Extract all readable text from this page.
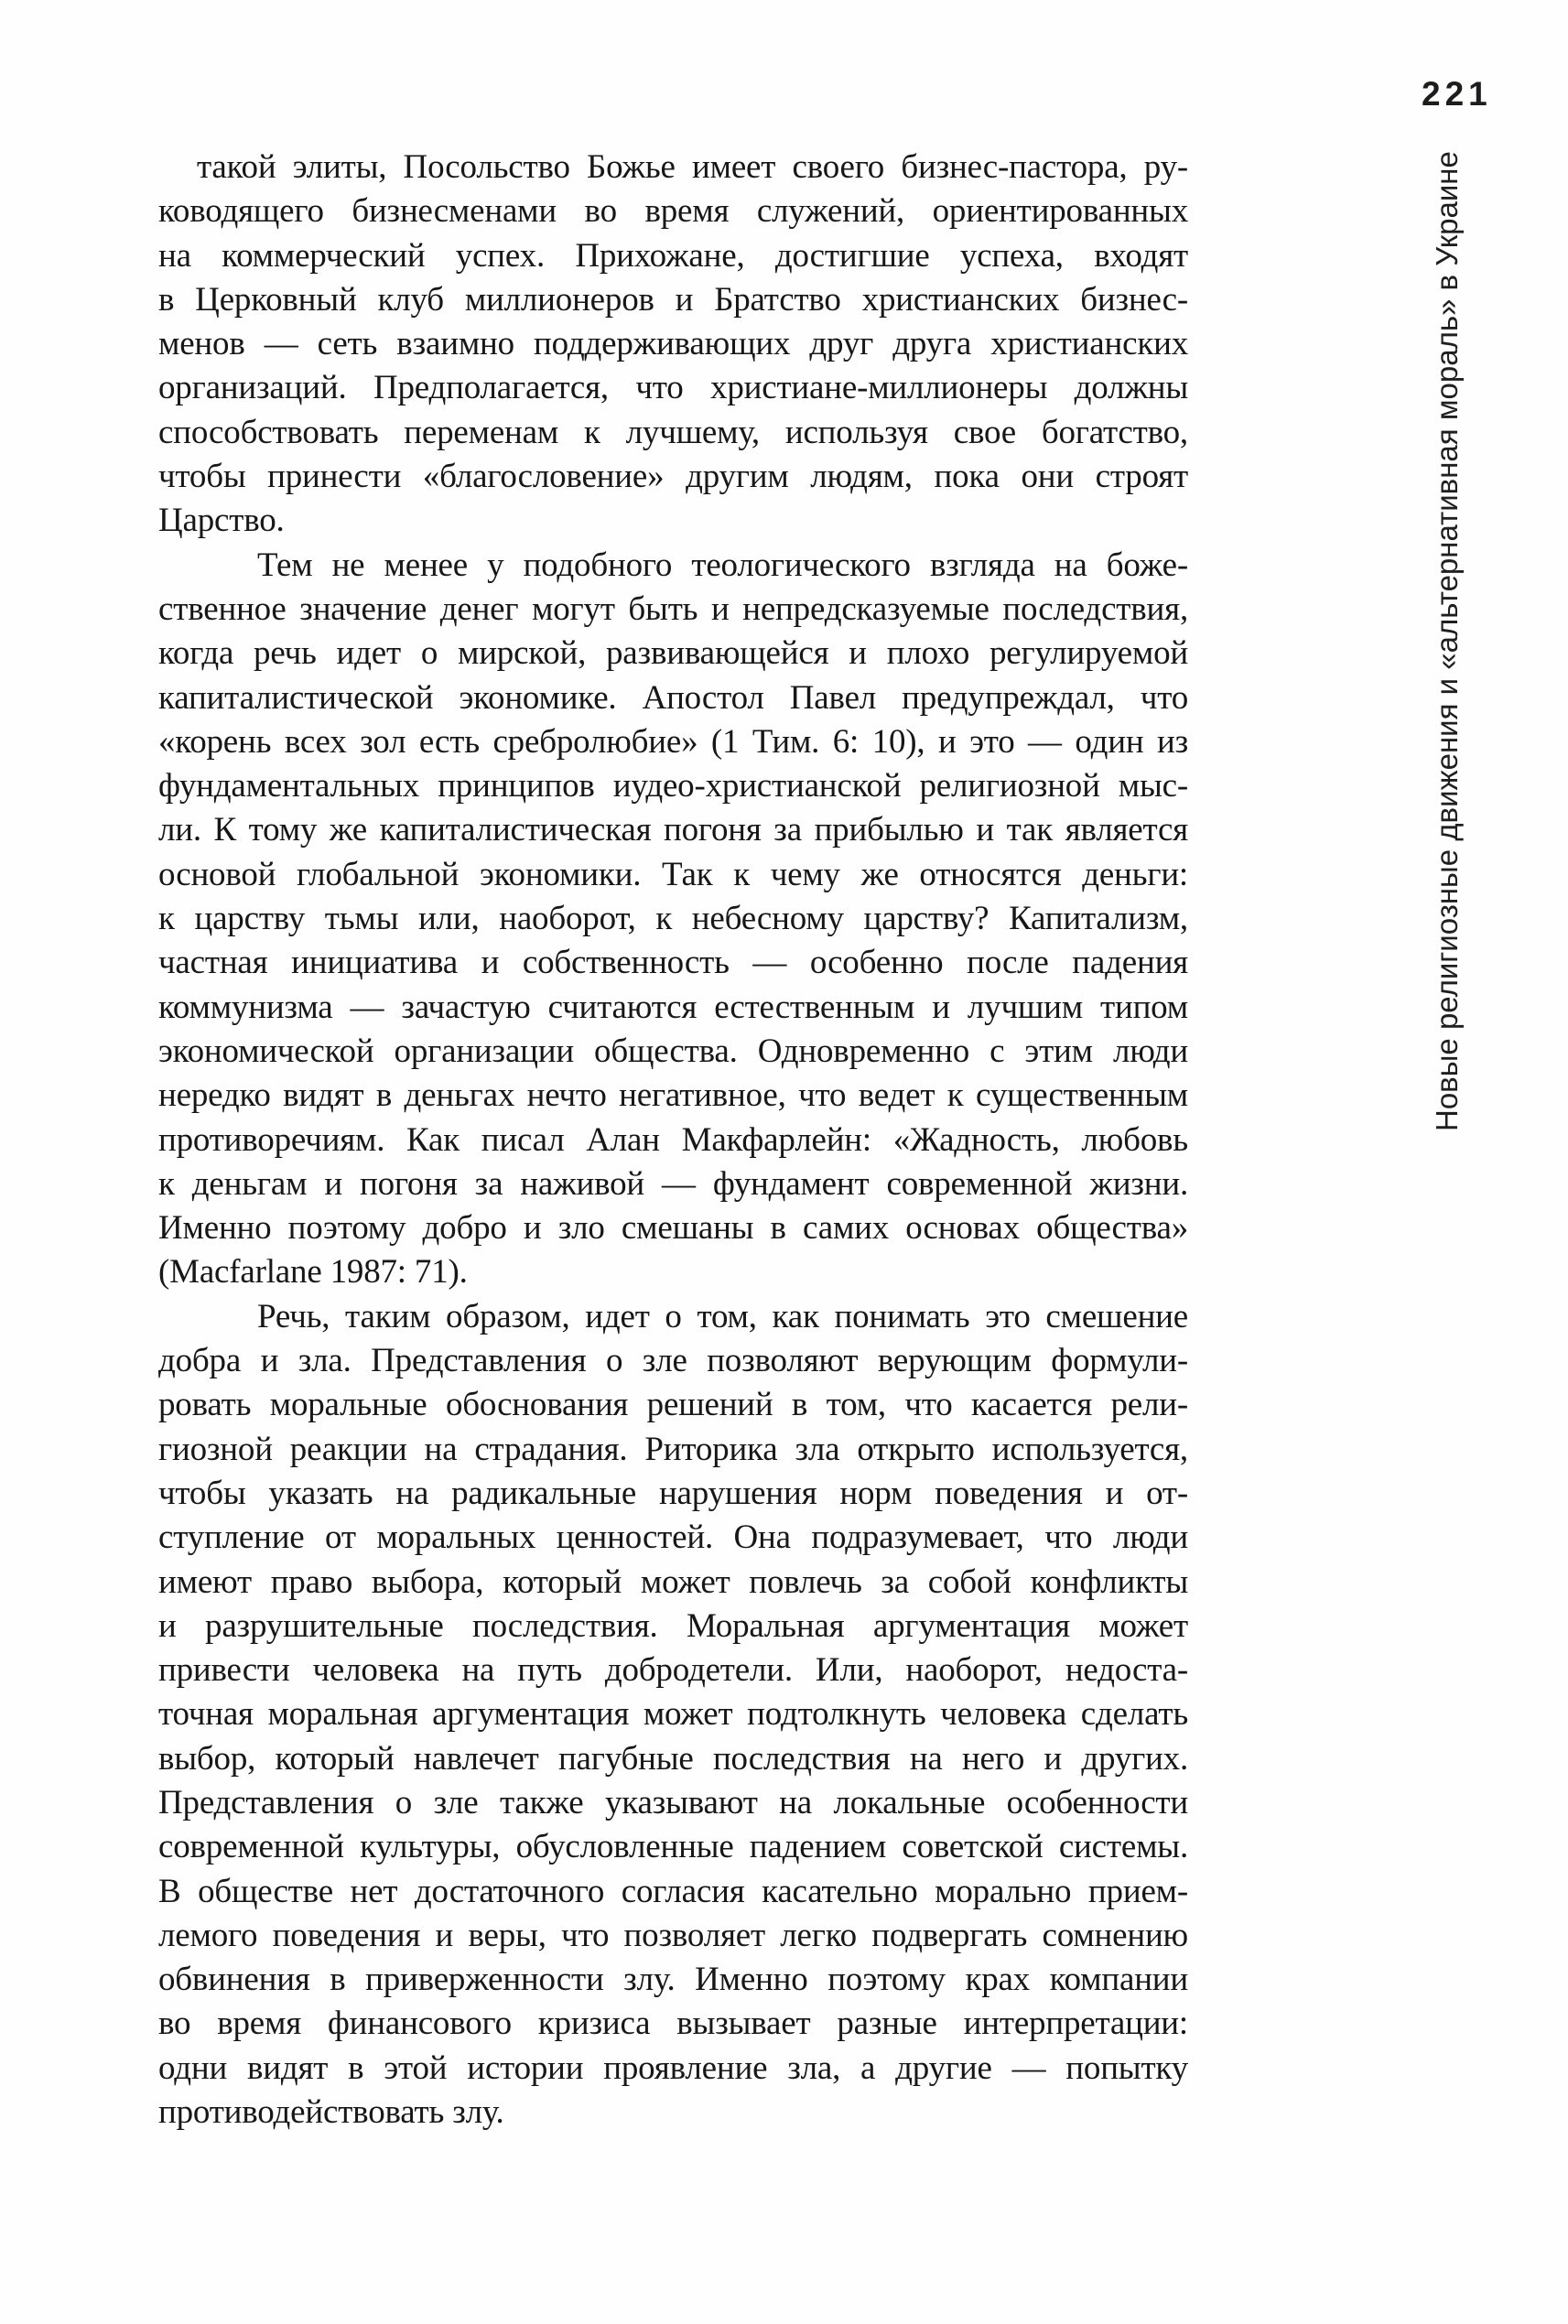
221
Новые религиозные движения и «альтернативная мораль» в Украине
такой элиты, Посольство Божье имеет своего бизнес-пастора, ру-
ководящего бизнесменами во время служений, ориентированных
на коммерческий успех. Прихожане, достигшие успеха, входят
в Церковный клуб миллионеров и Братство христианских бизнес-
менов — сеть взаимно поддерживающих друг друга христианских
организаций. Предполагается, что христиане-миллионеры должны
способствовать переменам к лучшему, используя свое богатство,
чтобы принести «благословение» другим людям, пока они строят
Царство.
Тем не менее у подобного теологического взгляда на боже-
ственное значение денег могут быть и непредсказуемые последствия,
когда речь идет о мирской, развивающейся и плохо регулируемой
капиталистической экономике. Апостол Павел предупреждал, что
«корень всех зол есть сребролюбие» (1 Тим. 6: 10), и это — один из
фундаментальных принципов иудео-христианской религиозной мыс-
ли. К тому же капиталистическая погоня за прибылью и так является
основой глобальной экономики. Так к чему же относятся деньги:
к царству тьмы или, наоборот, к небесному царству? Капитализм,
частная инициатива и собственность — особенно после падения
коммунизма — зачастую считаются естественным и лучшим типом
экономической организации общества. Одновременно с этим люди
нередко видят в деньгах нечто негативное, что ведет к существенным
противоречиям. Как писал Алан Макфарлейн: «Жадность, любовь
к деньгам и погоня за наживой — фундамент современной жизни.
Именно поэтому добро и зло смешаны в самих основах общества»
(Macfarlane 1987: 71).
Речь, таким образом, идет о том, как понимать это смешение
добра и зла. Представления о зле позволяют верующим формули-
ровать моральные обоснования решений в том, что касается рели-
гиозной реакции на страдания. Риторика зла открыто используется,
чтобы указать на радикальные нарушения норм поведения и от-
ступление от моральных ценностей. Она подразумевает, что люди
имеют право выбора, который может повлечь за собой конфликты
и разрушительные последствия. Моральная аргументация может
привести человека на путь добродетели. Или, наоборот, недоста-
точная моральная аргументация может подтолкнуть человека сделать
выбор, который навлечет пагубные последствия на него и других.
Представления о зле также указывают на локальные особенности
современной культуры, обусловленные падением советской системы.
В обществе нет достаточного согласия касательно морально прием-
лемого поведения и веры, что позволяет легко подвергать сомнению
обвинения в приверженности злу. Именно поэтому крах компании
во время финансового кризиса вызывает разные интерпретации:
одни видят в этой истории проявление зла, а другие — попытку
противодействовать злу.
